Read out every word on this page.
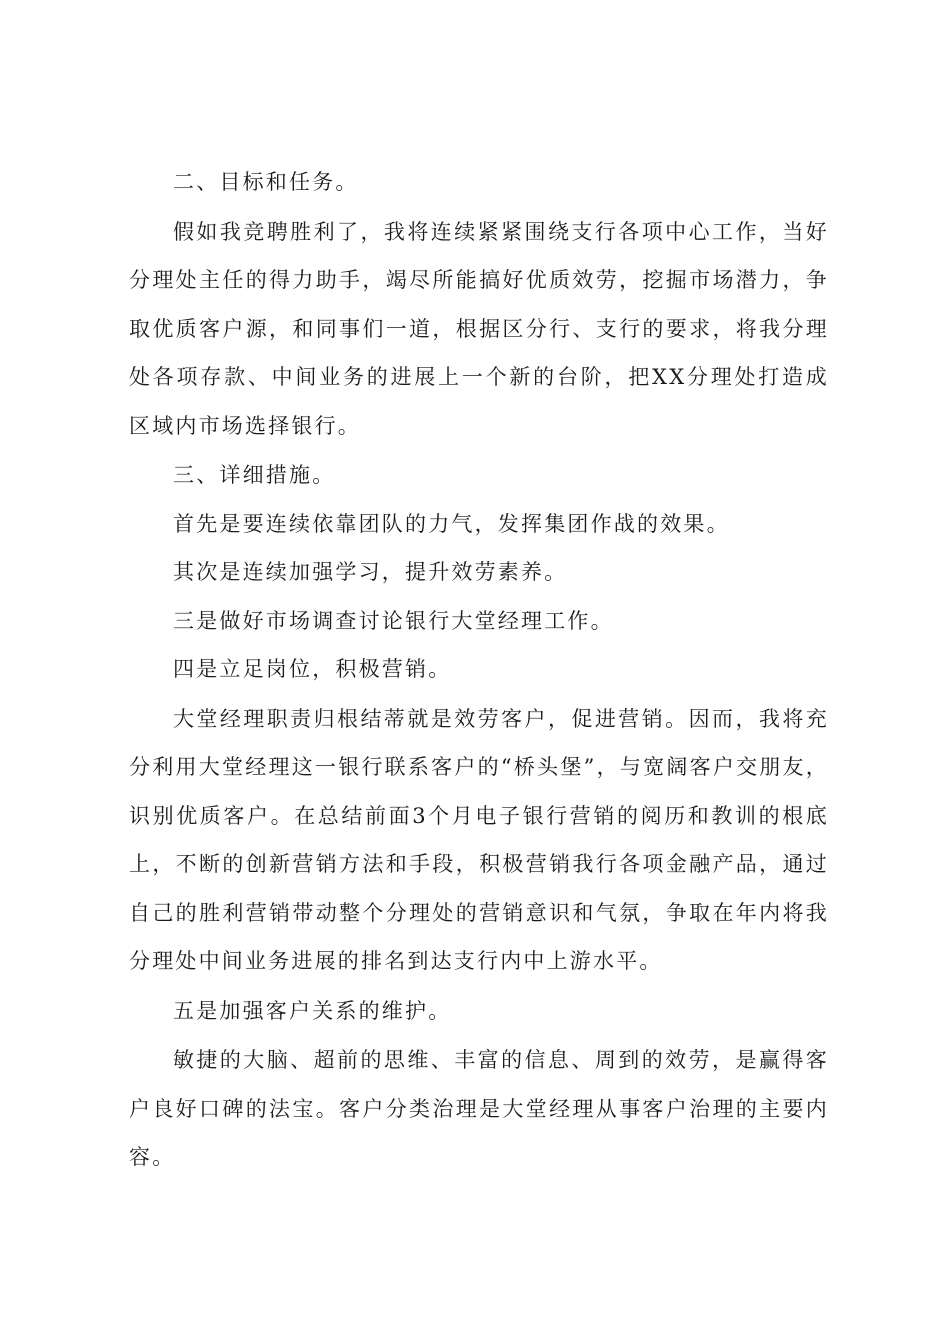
二、目标和任务。

假如我竞聘胜利了，我将连续紧紧围绕支行各项中心工作，当好分理处主任的得力助手，竭尽所能搞好优质效劳，挖掘市场潜力，争取优质客户源，和同事们一道，根据区分行、支行的要求，将我分理处各项存款、中间业务的进展上一个新的台阶，把XX分理处打造成区域内市场选择银行。

三、详细措施。

首先是要连续依靠团队的力气，发挥集团作战的效果。

其次是连续加强学习，提升效劳素养。

三是做好市场调查讨论银行大堂经理工作。

四是立足岗位，积极营销。

大堂经理职责归根结蒂就是效劳客户，促进营销。因而，我将充分利用大堂经理这一银行联系客户的“桥头堡”，与宽阔客户交朋友，识别优质客户。在总结前面3个月电子银行营销的阅历和教训的根底上，不断的创新营销方法和手段，积极营销我行各项金融产品，通过自己的胜利营销带动整个分理处的营销意识和气氛，争取在年内将我分理处中间业务进展的排名到达支行内中上游水平。

五是加强客户关系的维护。

敏捷的大脑、超前的思维、丰富的信息、周到的效劳，是赢得客户良好口碑的法宝。客户分类治理是大堂经理从事客户治理的主要内容。
